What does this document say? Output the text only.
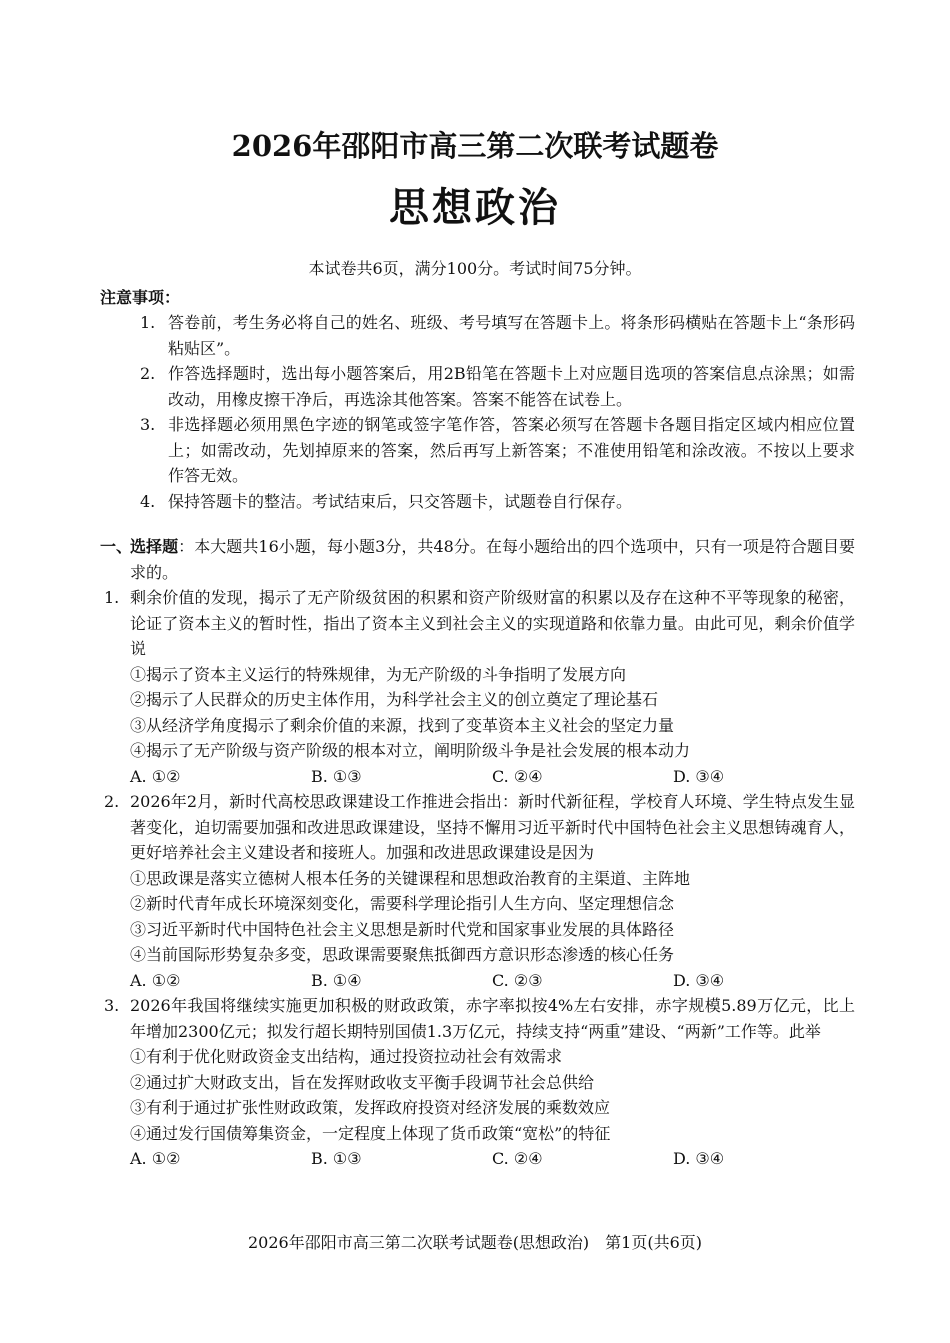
2026年邵阳市高三第二次联考试题卷
思想政治
本试卷共6页，满分100分。考试时间75分钟。
注意事项：
1. 答卷前，考生务必将自己的姓名、班级、考号填写在答题卡上。将条形码横贴在答题卡上“条形码粘贴区”。
2. 作答选择题时，选出每小题答案后，用2B铅笔在答题卡上对应题目选项的答案信息点涂黑；如需改动，用橡皮擦干净后，再选涂其他答案。答案不能答在试卷上。
3. 非选择题必须用黑色字迹的钢笔或签字笔作答，答案必须写在答题卡各题目指定区域内相应位置上；如需改动，先划掉原来的答案，然后再写上新答案；不准使用铅笔和涂改液。不按以上要求作答无效。
4. 保持答题卡的整洁。考试结束后，只交答题卡，试题卷自行保存。
一、
选择题：本大题共16小题，每小题3分，共48分。在每小题给出的四个选项中，只有一项是符合题目要求的。
1. 剩余价值的发现，揭示了无产阶级贫困的积累和资产阶级财富的积累以及存在这种不平等现象的秘密，论证了资本主义的暂时性，指出了资本主义到社会主义的实现道路和依靠力量。由此可见，剩余价值学说
①揭示了资本主义运行的特殊规律，为无产阶级的斗争指明了发展方向
②揭示了人民群众的历史主体作用，为科学社会主义的创立奠定了理论基石
③从经济学角度揭示了剩余价值的来源，找到了变革资本主义社会的坚定力量
④揭示了无产阶级与资产阶级的根本对立，阐明阶级斗争是社会发展的根本动力
A. ①②	B. ①③	C. ②④	D. ③④
2. 2026年2月，新时代高校思政课建设工作推进会指出：新时代新征程，学校育人环境、学生特点发生显著变化，迫切需要加强和改进思政课建设，坚持不懈用习近平新时代中国特色社会主义思想铸魂育人，更好培养社会主义建设者和接班人。加强和改进思政课建设是因为
①思政课是落实立德树人根本任务的关键课程和思想政治教育的主渠道、主阵地
②新时代青年成长环境深刻变化，需要科学理论指引人生方向、坚定理想信念
③习近平新时代中国特色社会主义思想是新时代党和国家事业发展的具体路径
④当前国际形势复杂多变，思政课需要聚焦抵御西方意识形态渗透的核心任务
A. ①②	B. ①④	C. ②③	D. ③④
3. 2026年我国将继续实施更加积极的财政政策，赤字率拟按4%左右安排，赤字规模5.89万亿元，比上年增加2300亿元；拟发行超长期特别国债1.3万亿元，持续支持“两重”建设、“两新”工作等。此举
①有利于优化财政资金支出结构，通过投资拉动社会有效需求
②通过扩大财政支出，旨在发挥财政收支平衡手段调节社会总供给
③有利于通过扩张性财政政策，发挥政府投资对经济发展的乘数效应
④通过发行国债筹集资金，一定程度上体现了货币政策“宽松”的特征
A. ①②	B. ①③	C. ②④	D. ③④
2026年邵阳市高三第二次联考试题卷(思想政治)　第1页(共6页)
